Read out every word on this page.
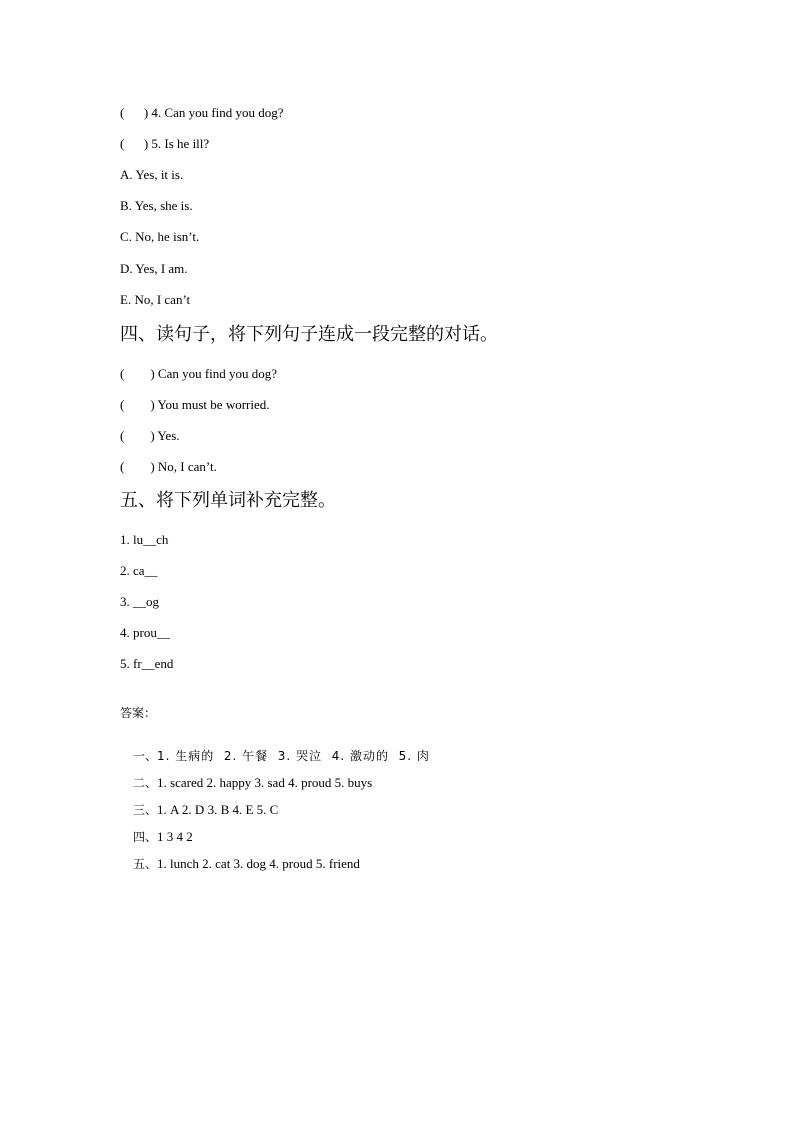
(      ) 4. Can you find you dog?
(      ) 5. Is he ill?
A. Yes, it is.
B. Yes, she is.
C. No, he isn’t.
D. Yes, I am.
E. No, I can’t
四、读句子，将下列句子连成一段完整的对话。
(        ) Can you find you dog?
(        ) You must be worried.
(        ) Yes.
(        ) No, I can’t.
五、将下列单词补充完整。
1. lu__ch
2. ca__
3. __og
4. prou__
5. fr__end
答案：

一、1. 生病的  2. 午餐  3. 哭泣  4. 激动的  5. 肉

二、1. scared 2. happy 3. sad 4. proud 5. buys

三、1. A 2. D 3. B 4. E 5. C

四、1 3 4 2

五、1. lunch 2. cat 3. dog 4. proud 5. friend
